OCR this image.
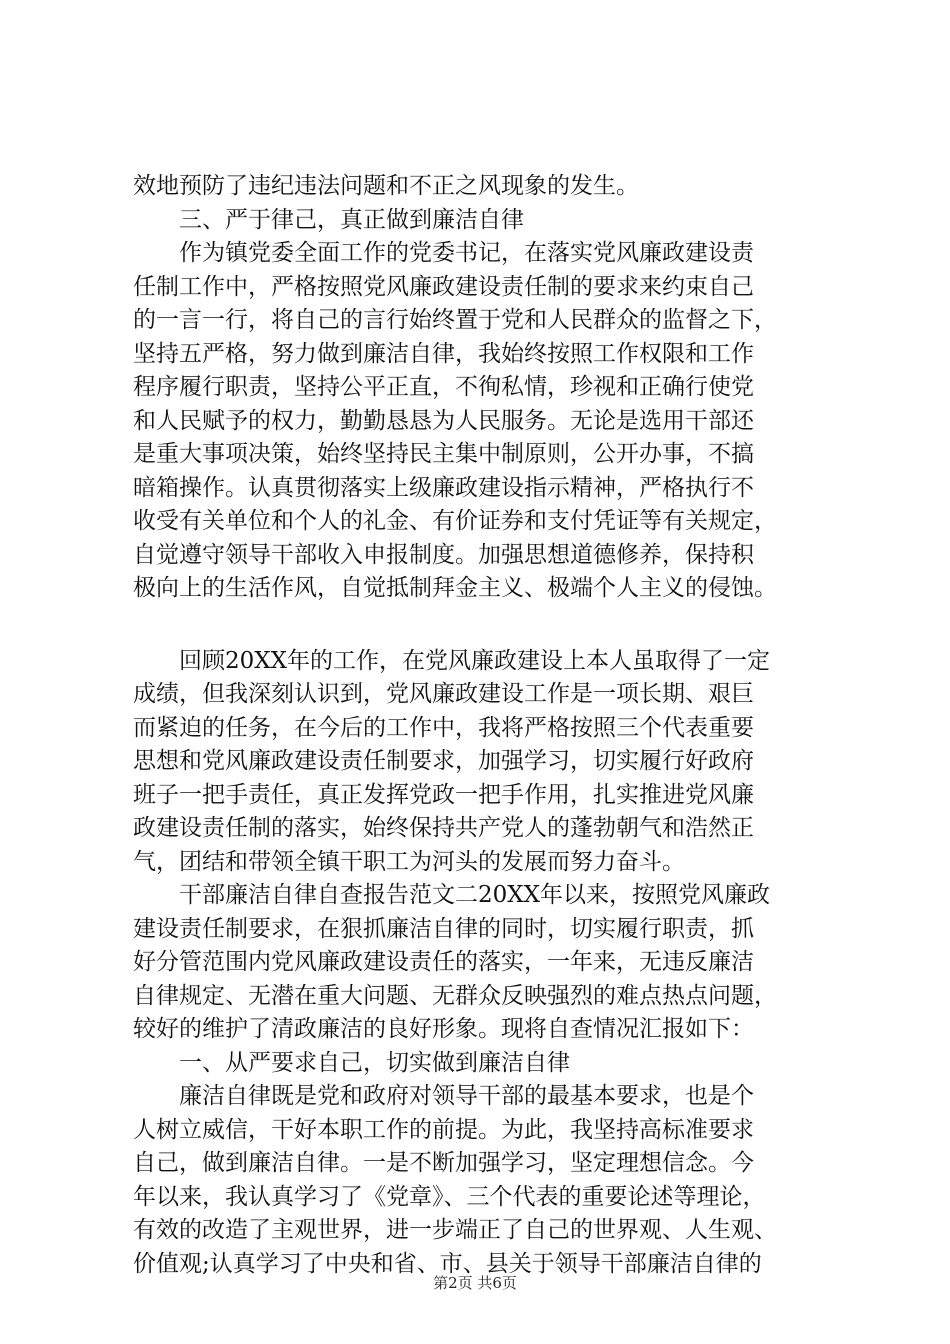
效地预防了违纪违法问题和不正之风现象的发生。
三、严于律己，真正做到廉洁自律
作为镇党委全面工作的党委书记，在落实党风廉政建设责
任制工作中，严格按照党风廉政建设责任制的要求来约束自己
的一言一行，将自己的言行始终置于党和人民群众的监督之下，
坚持五严格，努力做到廉洁自律，我始终按照工作权限和工作
程序履行职责，坚持公平正直，不徇私情，珍视和正确行使党
和人民赋予的权力，勤勤恳恳为人民服务。无论是选用干部还
是重大事项决策，始终坚持民主集中制原则，公开办事，不搞
暗箱操作。认真贯彻落实上级廉政建设指示精神，严格执行不
收受有关单位和个人的礼金、有价证券和支付凭证等有关规定，
自觉遵守领导干部收入申报制度。加强思想道德修养，保持积
极向上的生活作风，自觉抵制拜金主义、极端个人主义的侵蚀。
回顾20XX年的工作，在党风廉政建设上本人虽取得了一定
成绩，但我深刻认识到，党风廉政建设工作是一项长期、艰巨
而紧迫的任务，在今后的工作中，我将严格按照三个代表重要
思想和党风廉政建设责任制要求，加强学习，切实履行好政府
班子一把手责任，真正发挥党政一把手作用，扎实推进党风廉
政建设责任制的落实，始终保持共产党人的蓬勃朝气和浩然正
气，团结和带领全镇干职工为河头的发展而努力奋斗。
干部廉洁自律自查报告范文二20XX年以来，按照党风廉政
建设责任制要求，在狠抓廉洁自律的同时，切实履行职责，抓
好分管范围内党风廉政建设责任的落实，一年来，无违反廉洁
自律规定、无潜在重大问题、无群众反映强烈的难点热点问题，
较好的维护了清政廉洁的良好形象。现将自查情况汇报如下：
一、从严要求自己，切实做到廉洁自律
廉洁自律既是党和政府对领导干部的最基本要求，也是个
人树立威信，干好本职工作的前提。为此，我坚持高标准要求
自己，做到廉洁自律。一是不断加强学习，坚定理想信念。今
年以来，我认真学习了《党章》、三个代表的重要论述等理论，
有效的改造了主观世界，进一步端正了自己的世界观、人生观、
价值观;认真学习了中央和省、市、县关于领导干部廉洁自律的
第2页 共6页
